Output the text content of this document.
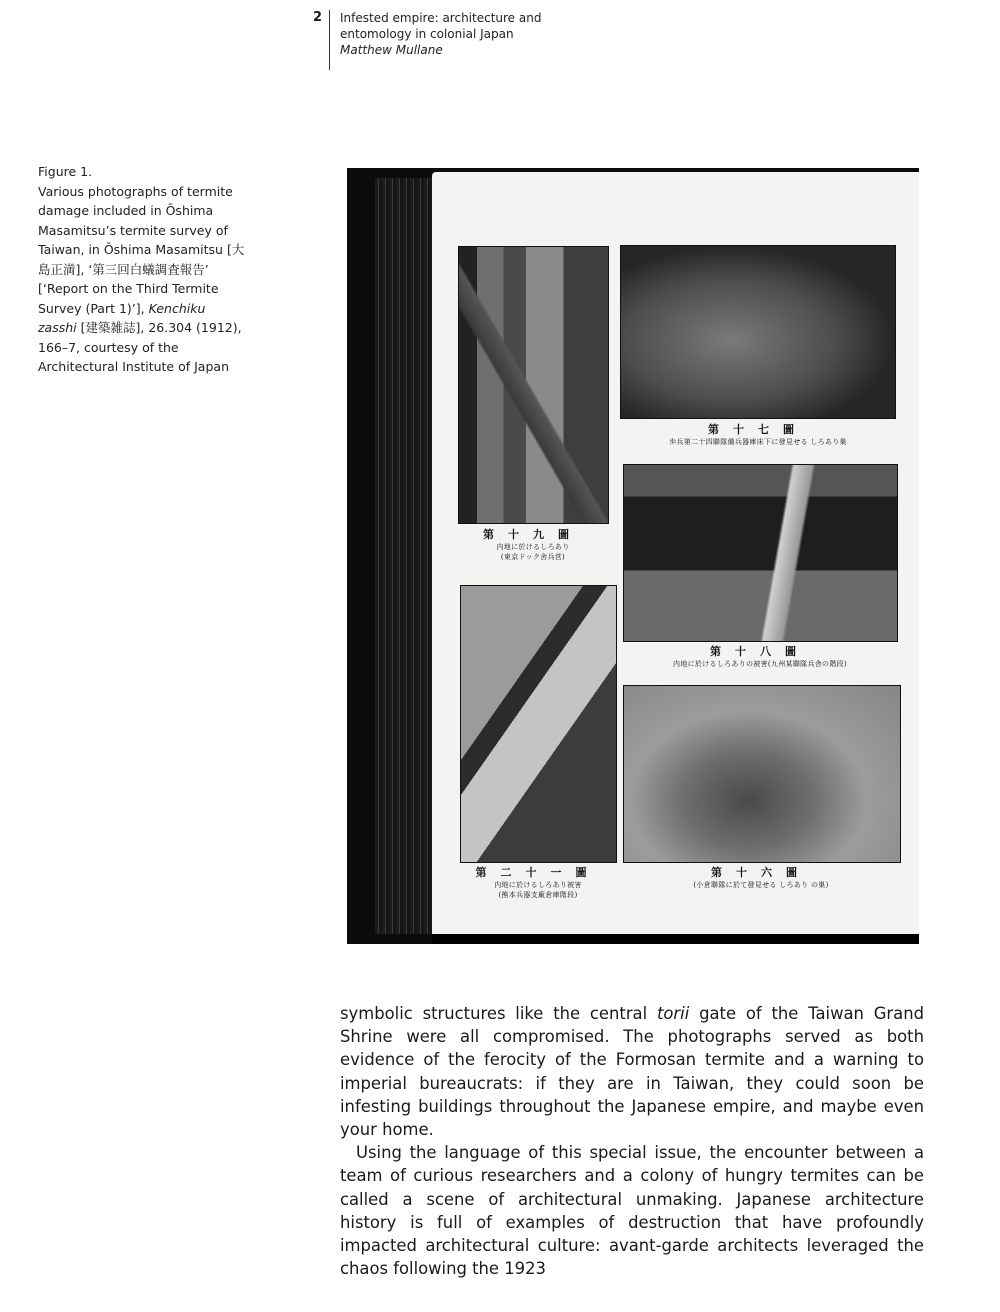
2 Infested empire: architecture and
entomology in colonial Japan
Matthew Mullane
Figure 1.
Various photographs of termite damage included in Ōshima Masamitsu’s termite survey of Taiwan, in Ōshima Masamitsu [大島正満], ‘第三回白蟻調査報告’ [‘Report on the Third Termite Survey (Part 1)’], Kenchiku zasshi [建築雑誌], 26.304 (1912), 166–7, courtesy of the Architectural Institute of Japan
第十九圖
内地に於けるしろあり
(東京ドック舍兵営)
第十七圖
歩兵第二十四聯隊備兵器庫床下に發見せる しろあり巣
第十八圖
内地に於けるしろありの被害(九州某聯隊兵舎の階段)
第二十一圖
内地に於けるしろあり被害
(熊本兵器支廠倉庫階段)
第十六圖
(小倉聯隊に於て發見せる しろあり の巣)

symbolic structures like the central torii gate of the Taiwan Grand Shrine were all compromised. The photographs served as both evidence of the ferocity of the Formosan termite and a warning to imperial bureaucrats: if they are in Taiwan, they could soon be infesting buildings throughout the Japanese empire, and maybe even your home.

Using the language of this special issue, the encounter between a team of curious researchers and a colony of hungry termites can be called a scene of architectural unmaking. Japanese architecture history is full of examples of destruction that have profoundly impacted architectural culture: avant-garde architects leveraged the chaos following the 1923
